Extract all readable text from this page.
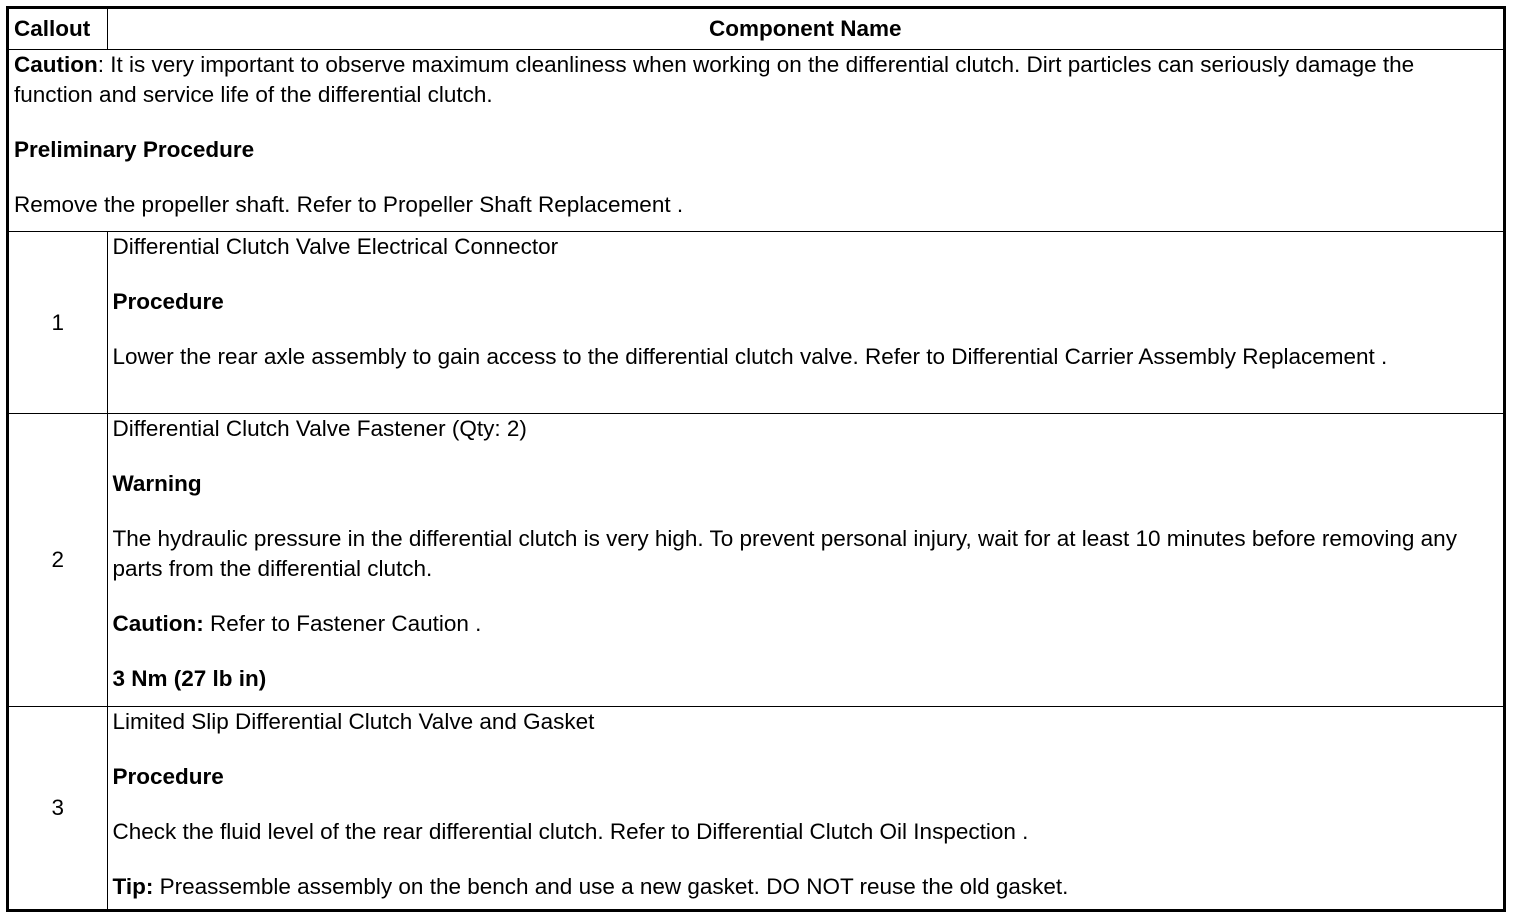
Callout	Component Name

Caution: It is very important to observe maximum cleanliness when working on the differential clutch. Dirt particles can seriously damage the function and service life of the differential clutch.

Preliminary Procedure

Remove the propeller shaft. Refer to Propeller Shaft Replacement .	

1	Differential Clutch Valve Electrical Connector

Procedure

Lower the rear axle assembly to gain access to the differential clutch valve. Refer to Differential Carrier Assembly Replacement .

2	Differential Clutch Valve Fastener (Qty: 2)

Warning

The hydraulic pressure in the differential clutch is very high. To prevent personal injury, wait for at least 10 minutes before removing any parts from the differential clutch.

Caution: Refer to Fastener Caution .

3 Nm (27 lb in)

3	Limited Slip Differential Clutch Valve and Gasket

Procedure

Check the fluid level of the rear differential clutch. Refer to Differential Clutch Oil Inspection .

Tip: Preassemble assembly on the bench and use a new gasket. DO NOT reuse the old gasket.
